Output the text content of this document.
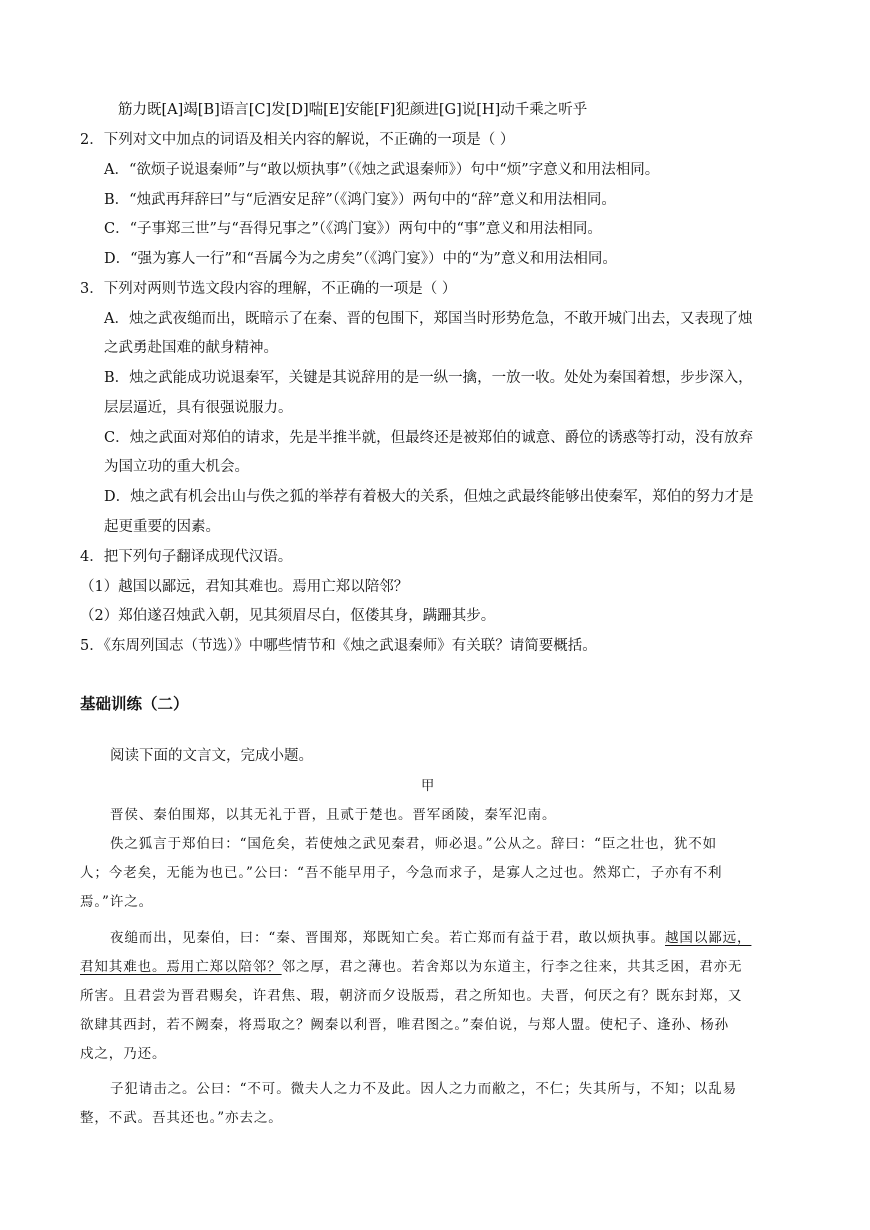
筋力既[A]竭[B]语言[C]发[D]喘[E]安能[F]犯颜进[G]说[H]动千乘之听乎
2．下列对文中加点的词语及相关内容的解说，不正确的一项是（ ）
A．“欲烦子说退秦师”与“敢以烦执事”（《烛之武退秦师》）句中“烦”字意义和用法相同。
B．“烛武再拜辞曰”与“卮酒安足辞”（《鸿门宴》）两句中的“辞”意义和用法相同。
C．“子事郑三世”与“吾得兄事之”（《鸿门宴》）两句中的“事”意义和用法相同。
D．“强为寡人一行”和“吾属今为之虏矣”（《鸿门宴》）中的“为”意义和用法相同。
3．下列对两则节选文段内容的理解，不正确的一项是（ ）
A．烛之武夜缒而出，既暗示了在秦、晋的包围下，郑国当时形势危急，不敢开城门出去，又表现了烛
之武勇赴国难的献身精神。
B．烛之武能成功说退秦军，关键是其说辞用的是一纵一擒，一放一收。处处为秦国着想，步步深入，
层层逼近，具有很强说服力。
C．烛之武面对郑伯的请求，先是半推半就，但最终还是被郑伯的诚意、爵位的诱惑等打动，没有放弃
为国立功的重大机会。
D．烛之武有机会出山与佚之狐的举荐有着极大的关系，但烛之武最终能够出使秦军，郑伯的努力才是
起更重要的因素。
4．把下列句子翻译成现代汉语。
（1）越国以鄙远，君知其难也。焉用亡郑以陪邻？
（2）郑伯遂召烛武入朝，见其须眉尽白，伛偻其身，蹒跚其步。
5．《东周列国志（节选）》中哪些情节和《烛之武退秦师》有关联？请简要概括。
基础训练（二）
阅读下面的文言文，完成小题。
甲
晋侯、秦伯围郑，以其无礼于晋，且贰于楚也。晋军函陵，秦军氾南。
佚之狐言于郑伯曰：“国危矣，若使烛之武见秦君，师必退。”公从之。辞曰：“臣之壮也，犹不如
人；今老矣，无能为也已。”公曰：“吾不能早用子，今急而求子，是寡人之过也。然郑亡，子亦有不利
焉。”许之。
夜缒而出，见秦伯，曰：“秦、晋围郑，郑既知亡矣。若亡郑而有益于君，敢以烦执事。越国以鄙远，
君知其难也。焉用亡郑以陪邻？邻之厚，君之薄也。若舍郑以为东道主，行李之往来，共其乏困，君亦无
所害。且君尝为晋君赐矣，许君焦、瑕，朝济而夕设版焉，君之所知也。夫晋，何厌之有？既东封郑，又
欲肆其西封，若不阙秦，将焉取之？阙秦以利晋，唯君图之。”秦伯说，与郑人盟。使杞子、逢孙、杨孙
戍之，乃还。
子犯请击之。公曰：“不可。微夫人之力不及此。因人之力而敝之，不仁；失其所与，不知；以乱易
整，不武。吾其还也。”亦去之。
